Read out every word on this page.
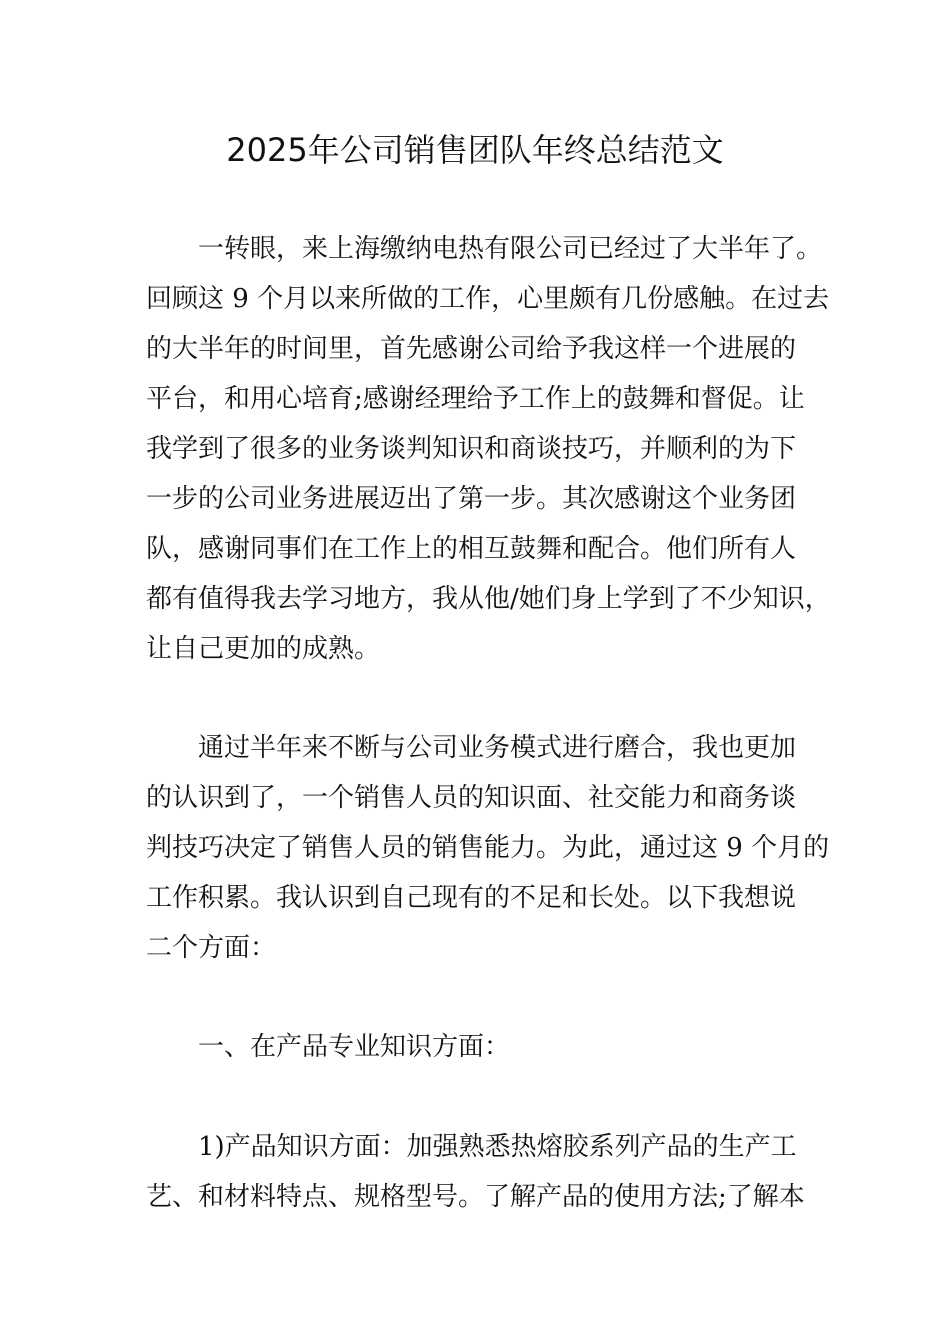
2025年公司销售团队年终总结范文
一转眼，来上海缴纳电热有限公司已经过了大半年了。
回顾这 9 个月以来所做的工作，心里颇有几份感触。在过去
的大半年的时间里，首先感谢公司给予我这样一个进展的
平台，和用心培育;感谢经理给予工作上的鼓舞和督促。让
我学到了很多的业务谈判知识和商谈技巧，并顺利的为下
一步的公司业务进展迈出了第一步。其次感谢这个业务团
队，感谢同事们在工作上的相互鼓舞和配合。他们所有人
都有值得我去学习地方，我从他/她们身上学到了不少知识，
让自己更加的成熟。
通过半年来不断与公司业务模式进行磨合，我也更加
的认识到了，一个销售人员的知识面、社交能力和商务谈
判技巧决定了销售人员的销售能力。为此，通过这 9 个月的
工作积累。我认识到自己现有的不足和长处。以下我想说
二个方面：
一、在产品专业知识方面：
1)产品知识方面：加强熟悉热熔胶系列产品的生产工
艺、和材料特点、规格型号。了解产品的使用方法;了解本
